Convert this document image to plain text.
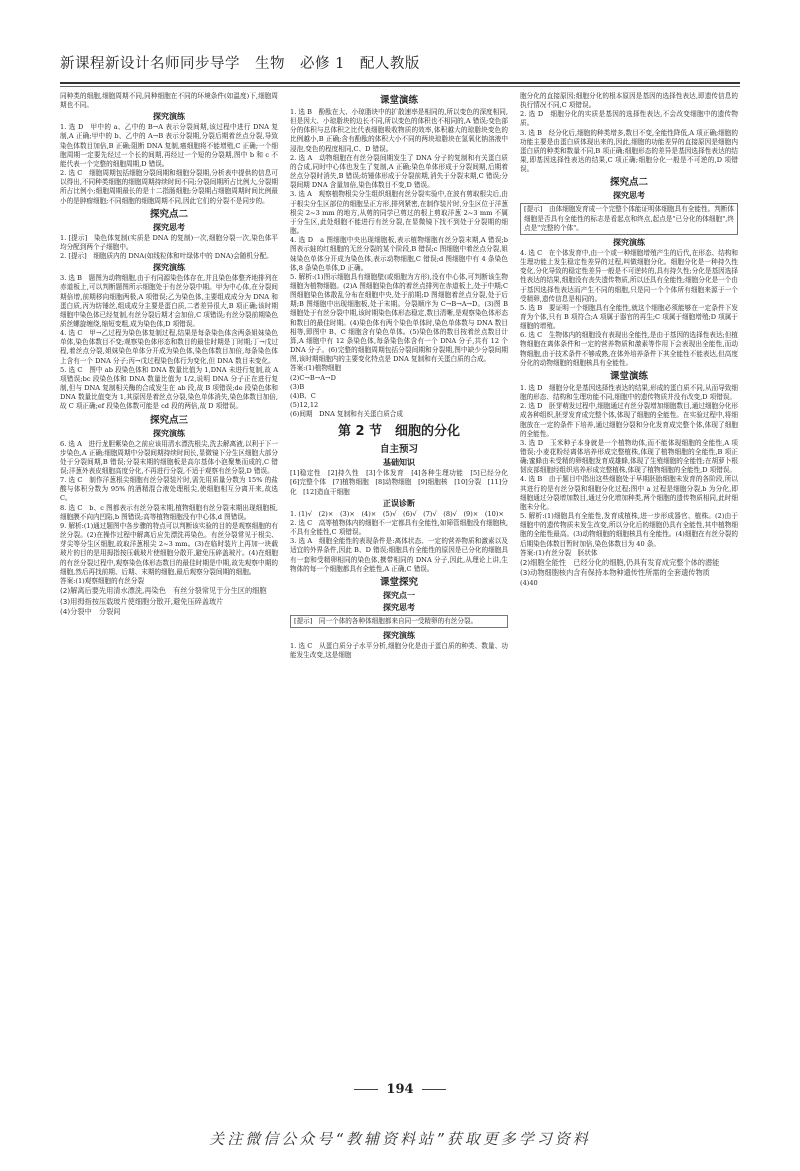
新课程新设计名师同步导学　生物　必修 1　配人教版

同种类的细胞,细胞周期不同,同种细胞在不同的环境条件(如温度)下,细胞周期也不同。

探究演练

1. 选 D　甲中的 a、乙中的 B→A 表示分裂间期,该过程中进行 DNA 复制,A 正确;甲中的 b、乙中的 A→B 表示分裂期,分裂后期着丝点分裂,导致染色体数目加倍,B 正确;阻断 DNA 复制,癌细胞将不能增殖,C 正确;一个细胞周期一定要先经过一个长的间期,再经过一个短的分裂期,图中 b 和 c 不能代表一个完整的细胞周期,D 错误。

2. 选 C　细胞周期包括细胞分裂间期和细胞分裂期,分析表中提供的信息可以得出,不同种类细胞的细胞周期持续时间不同;分裂间期所占比例大,分裂期所占比例小;细胞周期最长的是十二指肠细胞;分裂期占细胞周期时间比例最小的是肿瘤细胞;不同细胞的细胞周期不同,因此它们的分裂不是同步的。

探究点二
探究思考

1. [提示]　染色体复制(实质是 DNA 的复制)一次,细胞分裂一次,染色体平均分配到两个子细胞中。

2. [提示]　细胞质内的 DNA(如线粒体和叶绿体中的 DNA)会随机分配。

探究演练

3. 选 B　题图为动物细胞,由于有同源染色体存在,并且染色体整齐地排列在赤道板上,可以判断题图所示细胞处于有丝分裂中期。甲为中心体,在分裂间期倍增,前期移向细胞两极,A 项错误;乙为染色体,主要组成成分为 DNA 和蛋白质,丙为纺锤丝,组成成分主要是蛋白质,二者差异很大,B 项正确;该时期细胞中染色体已经复制,有丝分裂后期才会加倍,C 项错误;有丝分裂前期染色质丝螺旋缠绕,缩短变粗,成为染色体,D 项错误。

4. 选 C　甲→乙过程为染色体复制过程,结果是每条染色体含两条姐妹染色单体,染色体数目不变;观察染色体形态和数目的最佳时期是丁时期;丁→戊过程,着丝点分裂,姐妹染色单体分开成为染色体,染色体数目加倍,每条染色体上含有一个 DNA 分子;丙→戊过程染色体行为变化,但 DNA 数目未变化。

5. 选 C　图中 ab 段染色体和 DNA 数量比值为 1,DNA 未进行复制,故 A 项错误;bc 段染色体和 DNA 数量比值为 1/2,说明 DNA 分子正在进行复制,但与 DNA 复制相关酶的合成发生在 ab 段,故 B 项错误;de 段染色体和 DNA 数量比值变为 1,其原因是着丝点分裂,染色单体消失,染色体数目加倍,故 C 项正确;ef 段染色体数可能是 cd 段的两倍,故 D 项错误。

探究点三
探究演练

6. 选 A　进行龙胆紫染色之前应该用清水漂洗根尖,洗去解离液,以利于下一步染色,A 正确;细胞周期中分裂间期持续时间长,显微镜下分生区细胞大部分处于分裂间期,B 错误;分裂末期的细胞板是高尔基体小泡聚集而成的,C 错误;洋葱外表皮细胞高度分化,不再进行分裂,不适于观察有丝分裂,D 错误。

7. 选 C　制作洋葱根尖细胞有丝分裂装片时,需先用质量分数为 15% 的盐酸与体积分数为 95% 的酒精混合液处理根尖,使细胞相互分离开来,故选 C。

8. 选 C　b、c 图都表示有丝分裂末期,植物细胞有丝分裂末期出现细胞板,细胞膜不向内凹陷,b 图错误;高等植物细胞没有中心体,d 图错误。

9. 解析:(1)通过题图中各步骤的特点可以判断该实验的目的是观察细胞的有丝分裂。(2)在操作过程中解离后应先漂洗再染色。有丝分裂常见于根尖、芽尖等分生区细胞,故取洋葱根尖 2~3 mm。(3)在临时装片上再加一块载玻片的目的是用拇指按压载玻片使细胞分散开,避免压碎盖玻片。(4)在细胞的有丝分裂过程中,观察染色体形态数目的最佳时期是中期,故先观察中期的细胞,然后再找前期、后期、末期的细胞,最后观察分裂间期的细胞。

答案:(1)观察细胞的有丝分裂

(2)解离后要先用清水漂洗,再染色　有丝分裂常见于分生区的细胞

(3)用拇指按压载玻片使细胞分散开,避免压碎盖玻片

(4)分裂中　分裂间

课堂演练

1. 选 B　酚酞在大、小琼脂块中的扩散速率是相同的,所以变色的深度相同,但是因大、小琼脂块的边长不同,所以变色的体积也不相同的,A 错误;变色部分的体积与总体积之比代表细胞吸收物质的效率,体积越大的琼脂块变色的比例越小,B 正确;含有酚酞的体积大小不同的两块琼脂块在氢氧化钠溶液中浸泡,变色的程度相同,C、D 错误。

2. 选 A　动物细胞在有丝分裂间期发生了 DNA 分子的复制和有关蛋白质的合成,同时中心体也发生了复制,A 正确;染色单体形成于分裂间期,后期着丝点分裂时消失,B 错误;纺锤体形成于分裂前期,消失于分裂末期,C 错误;分裂间期 DNA 含量加倍,染色体数目不变,D 错误。

3. 选 A　观察植物根尖分生组织细胞有丝分裂实验中,在波有剪取根尖后,由于根尖分生区部位的细胞呈正方形,排列紧密,在制作装片时,分生区位于洋葱根尖 2~3 mm 的地方,从剪的同学已剪过的根上剪取洋葱 2~3 mm 不属于分生区,此处细胞不能进行有丝分裂,在显微镜下找不到处于分裂期的细胞。

4. 选 D　a 图细胞中央出现细胞板,表示植物细胞有丝分裂末期,A 错误;b 图表示蛙的红细胞的无丝分裂的某个阶段,B 错误;c 图细胞中着丝点分裂,姐妹染色单体分开成为染色体,表示动物细胞,C 错误;d 图细胞中有 4 条染色体,8 条染色单体,D 正确。

5. 解析:(1)图示细胞具有细胞壁(或细胞为方形),没有中心体,可判断该生物细胞为植物细胞。(2)A 图细胞染色体的着丝点排列在赤道板上,处于中期;C 图细胞染色体散乱分布在细胞中央,处于前期;D 图细胞着丝点分裂,处于后期;B 图细胞中出现细胞板,处于末期。分裂顺序为 C→B→A→D。(3)图 B 细胞处于有丝分裂中期,该时期染色体形态稳定,数目清晰,是观察染色体形态和数目的最佳时期。(4)染色体有两个染色单体时,染色单体数与 DNA 数目相等,即图中 B、C 细胞含有染色单体。(5)染色体的数目按着丝点数目计算,A 细胞中有 12 条染色体,每条染色体含有一个 DNA 分子,共有 12 个 DNA 分子。(6)完整的细胞周期包括分裂间期和分裂期,图中缺少分裂间期图,该时期细胞内的主要变化特点是 DNA 复制和有关蛋白质的合成。

答案:(1)植物细胞

(2)C→B→A→D

(3)B

(4)B、C

(5)12,12

(6)间期　DNA 复制和有关蛋白质合成

第 2 节　细胞的分化
自主预习
基础知识

[1]稳定性　[2]持久性　[3]个体发育　[4]各种生理功能　[5]已经分化　[6]完整个体　[7]植物细胞　[8]动物细胞　[9]细胞核　[10]分裂　[11]分化　[12]造血干细胞

正误诊断

1. (1)√　(2)×　(3)×　(4)×　(5)√　(6)√　(7)√　(8)√　(9)×　(10)×

2. 选 C　高等植物体内的细胞不一定都具有全能性,如筛管细胞没有细胞核,不具有全能性,C 项错误。

3. 选 A　细胞全能性的表现条件是:离体状态、一定的营养物质和激素以及适宜的外界条件,因此 B、D 错误;细胞具有全能性的原因是已分化的细胞具有一套和受精卵相同的染色体,携带相同的 DNA 分子,因此,从理论上讲,生物体的每一个细胞都具有全能性,A 正确,C 错误。

课堂探究
探究点一
探究思考

[提示]　同一个体的各种体细胞都来自同一受精卵的有丝分裂。

探究演练

1. 选 C　从蛋白质分子水平分析,细胞分化是由于蛋白质的种类、数量、功能发生改变,这是细胞

胞分化的直接原因;细胞分化的根本原因是基因的选择性表达,即遗传信息的执行情况不同,C 项错误。

2. 选 D　细胞分化的实质是基因的选择性表达,不会改变细胞中的遗传物质。

3. 选 B　经分化后,细胞的种类增多,数目不变,全能性降低,A 项正确;细胞的功能主要是由蛋白质体现出来的,因此,细胞的功能差异的直接原因是细胞内蛋白质的种类和数量不同,B 项正确;细胞形态的差异是基因选择性表达的结果,即基因选择性表达的结果,C 项正确;细胞分化一般是不可逆的,D 项错误。

探究点二
探究思考

[提示]　由体细胞发育成一个完整个体能证明体细胞具有全能性。判断体细胞是否具有全能性的标志是看起点和终点,起点是"已分化的体细胞",终点是"完整的个体"。

探究演练

4. 选 C　在个体发育中,由一个或一种细胞增殖产生的后代,在形态、结构和生理功能上发生稳定性差异的过程,叫做细胞分化。细胞分化是一种持久性变化,分化导致的稳定性差异一般是不可逆转的,具有持久性;分化是基因选择性表达的结果,细胞没有丧失遗传物质,所以还具有全能性;细胞分化是一个由于基因选择性表达而产生不同的细胞,只是同一个个体所有细胞来源于一个受精卵,遗传信息是相同的。

5. 选 B　要证明一个细胞具有全能性,就这个细胞必须能够在一定条件下发育为个体,只有 B 项符合;A 项属于器官的再生;C 项属于细胞增殖;D 项属于细胞的增殖。

6. 选 C　生物体内的细胞没有表现出全能性,是由于基因的选择性表达;但植物细胞在离体条件和一定的营养物质和激素等作用下会表现出全能性,而动物细胞,由于技术条件不够成熟,在体外培养条件下其全能性不能表达,但高度分化的动物细胞的细胞核具有全能性。

课堂演练

1. 选 D　细胞分化是基因选择性表达的结果,形成的蛋白质不同,从而导致细胞的形态、结构和生理功能不同,细胞中的遗传物质并没有改变,D 项错误。

2. 选 D　胚芽萌发过程中,细胞通过有丝分裂增加细胞数目,通过细胞分化形成各种组织,胚芽发育成完整个体,体现了细胞的全能性。在实验过程中,将细胞放在一定的条件下培养,通过细胞分裂和分化发育成完整个体,体现了细胞的全能性。

3. 选 D　玉米种子本身就是一个植物幼体,而不能体现细胞的全能性,A 项错误;小麦花粉经离体培养形成完整植株,体现了植物细胞的全能性,B 项正确;蜜蜂由未受精的卵细胞发育成雄蜂,体现了生殖细胞的全能性;在胡萝卜根韧皮部细胞经组织培养形成完整植株,体现了植物细胞的全能性,D 项错误。

4. 选 B　由于题目中指出这些细胞处于早期胚胎细胞未发育的各阶段,所以其进行的是有丝分裂和细胞分化过程;图中 a 过程是细胞分裂,b 为分化,即细胞通过分裂增加数目,通过分化增加种类,两个细胞的遗传物质相同,此时细胞未分化。

5. 解析:(1)细胞具有全能性,发育成植株,进一步形成器官、植株。(2)由于细胞中的遗传物质未发生改变,所以分化后的细胞仍具有全能性,其中植物细胞的全能性最高。(3)动物细胞的细胞核具有全能性。(4)细胞在有丝分裂的后期染色体数目暂时加倍,染色体数目为 40 条。

答案:(1)有丝分裂　胚状体

(2)细胞全能性　已经分化的细胞,仍具有发育成完整个体的潜能

(3)动物细胞核内含有保持本物种遗传性所需的全套遗传物质

(4)40

194
关注微信公众号“教辅资料站”获取更多学习资料
